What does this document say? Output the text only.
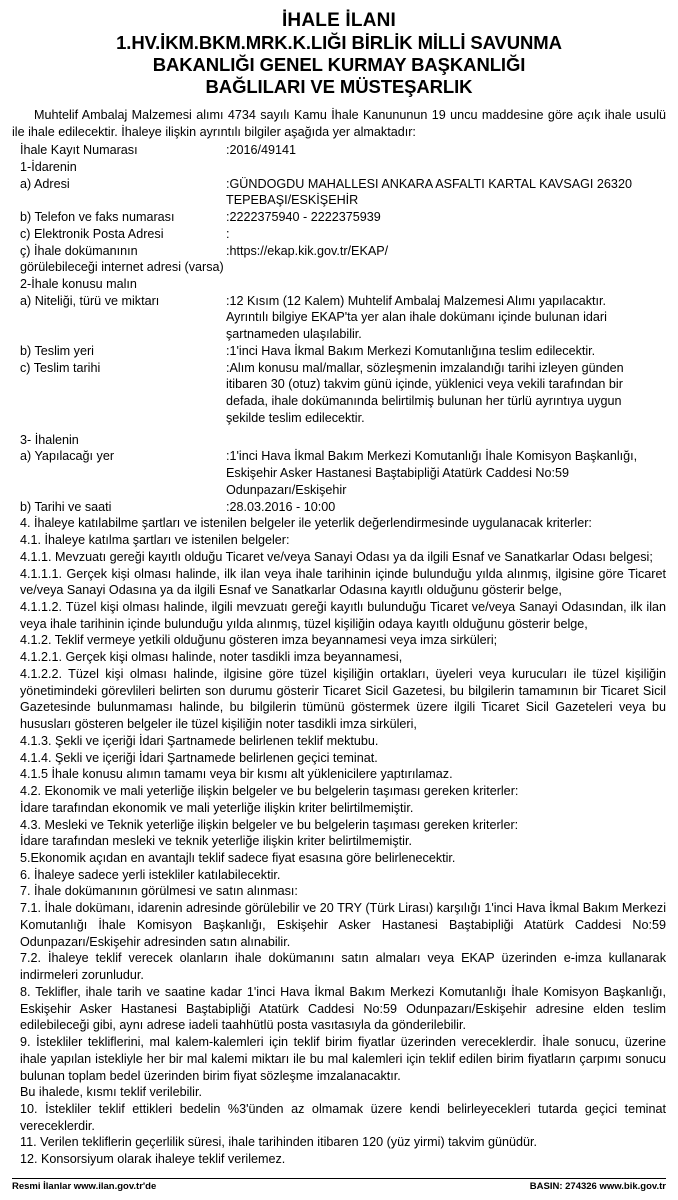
İHALE İLANI
1.HV.İKM.BKM.MRK.K.LIĞI BİRLİK MİLLİ SAVUNMA
BAKANLIĞI GENEL KURMAY BAŞKANLIĞI
BAĞLILARI VE MÜSTEŞARLIK

Muhtelif Ambalaj Malzemesi alımı 4734 sayılı Kamu İhale Kanununun 19 uncu maddesine göre açık ihale usulü ile ihale edilecektir. İhaleye ilişkin ayrıntılı bilgiler aşağıda yer almaktadır:

İhale Kayıt Numarası	:2016/49141
1-İdarenin
a) Adresi	:GÜNDOGDU MAHALLESI ANKARA ASFALTI KARTAL KAVSAGI 26320
TEPEBAŞI/ESKİŞEHİR
b) Telefon ve faks numarası	:2222375940 - 2222375939
c) Elektronik Posta Adresi	:
ç) İhale dokümanının	:https://ekap.kik.gov.tr/EKAP/
görülebileceği internet adresi (varsa)
2-İhale konusu malın
a) Niteliği, türü ve miktarı	:12 Kısım (12 Kalem) Muhtelif Ambalaj Malzemesi Alımı yapılacaktır.
Ayrıntılı bilgiye EKAP'ta yer alan ihale dokümanı içinde bulunan idari
şartnameden ulaşılabilir.
b) Teslim yeri	:1'inci Hava İkmal Bakım Merkezi Komutanlığına teslim edilecektir.
c) Teslim tarihi	:Alım konusu mal/mallar, sözleşmenin imzalandığı tarihi izleyen günden
itibaren 30 (otuz) takvim günü içinde, yüklenici veya vekili tarafından bir
defada, ihale dokümanında belirtilmiş bulunan her türlü ayrıntıya uygun
şekilde teslim edilecektir.
3- İhalenin
a) Yapılacağı yer	:1'inci Hava İkmal Bakım Merkezi Komutanlığı İhale Komisyon Başkanlığı,
Eskişehir Asker Hastanesi Baştabipliği Atatürk Caddesi No:59
Odunpazarı/Eskişehir
b) Tarihi ve saati	:28.03.2016 - 10:00

4. İhaleye katılabilme şartları ve istenilen belgeler ile yeterlik değerlendirmesinde uygulanacak kriterler:

4.1. İhaleye katılma şartları ve istenilen belgeler:

4.1.1. Mevzuatı gereği kayıtlı olduğu Ticaret ve/veya Sanayi Odası ya da ilgili Esnaf ve Sanatkarlar Odası belgesi;

4.1.1.1. Gerçek kişi olması halinde, ilk ilan veya ihale tarihinin içinde bulunduğu yılda alınmış, ilgisine göre Ticaret ve/veya Sanayi Odasına ya da ilgili Esnaf ve Sanatkarlar Odasına kayıtlı olduğunu gösterir belge,

4.1.1.2. Tüzel kişi olması halinde, ilgili mevzuatı gereği kayıtlı bulunduğu Ticaret ve/veya Sanayi Odasından, ilk ilan veya ihale tarihinin içinde bulunduğu yılda alınmış, tüzel kişiliğin odaya kayıtlı olduğunu gösterir belge,

4.1.2. Teklif vermeye yetkili olduğunu gösteren imza beyannamesi veya imza sirküleri;

4.1.2.1. Gerçek kişi olması halinde, noter tasdikli imza beyannamesi,

4.1.2.2. Tüzel kişi olması halinde, ilgisine göre tüzel kişiliğin ortakları, üyeleri veya kurucuları ile tüzel kişiliğin yönetimindeki görevlileri belirten son durumu gösterir Ticaret Sicil Gazetesi, bu bilgilerin tamamının bir Ticaret Sicil Gazetesinde bulunmaması halinde, bu bilgilerin tümünü göstermek üzere ilgili Ticaret Sicil Gazeteleri veya bu hususları gösteren belgeler ile tüzel kişiliğin noter tasdikli imza sirküleri,

4.1.3. Şekli ve içeriği İdari Şartnamede belirlenen teklif mektubu.

4.1.4. Şekli ve içeriği İdari Şartnamede belirlenen geçici teminat.

4.1.5 İhale konusu alımın tamamı veya bir kısmı alt yüklenicilere yaptırılamaz.

4.2. Ekonomik ve mali yeterliğe ilişkin belgeler ve bu belgelerin taşıması gereken kriterler:

İdare tarafından ekonomik ve mali yeterliğe ilişkin kriter belirtilmemiştir.

4.3. Mesleki ve Teknik yeterliğe ilişkin belgeler ve bu belgelerin taşıması gereken kriterler:

İdare tarafından mesleki ve teknik yeterliğe ilişkin kriter belirtilmemiştir.

5.Ekonomik açıdan en avantajlı teklif sadece fiyat esasına göre belirlenecektir.

6. İhaleye sadece yerli istekliler katılabilecektir.

7. İhale dokümanının görülmesi ve satın alınması:

7.1. İhale dokümanı, idarenin adresinde görülebilir ve 20 TRY (Türk Lirası) karşılığı 1'inci Hava İkmal Bakım Merkezi Komutanlığı İhale Komisyon Başkanlığı, Eskişehir Asker Hastanesi Baştabipliği Atatürk Caddesi No:59 Odunpazarı/Eskişehir adresinden satın alınabilir.

7.2. İhaleye teklif verecek olanların ihale dokümanını satın almaları veya EKAP üzerinden e-imza kullanarak indirmeleri zorunludur.

8. Teklifler, ihale tarih ve saatine kadar 1'inci Hava İkmal Bakım Merkezi Komutanlığı İhale Komisyon Başkanlığı, Eskişehir Asker Hastanesi Baştabipliği Atatürk Caddesi No:59 Odunpazarı/Eskişehir adresine elden teslim edilebileceği gibi, aynı adrese iadeli taahhütlü posta vasıtasıyla da gönderilebilir.

9. İstekliler tekliflerini, mal kalem-kalemleri için teklif birim fiyatlar üzerinden vereceklerdir. İhale sonucu, üzerine ihale yapılan istekliyle her bir mal kalemi miktarı ile bu mal kalemleri için teklif edilen birim fiyatların çarpımı sonucu bulunan toplam bedel üzerinden birim fiyat sözleşme imzalanacaktır.

Bu ihalede, kısmı teklif verilebilir.

10. İstekliler teklif ettikleri bedelin %3'ünden az olmamak üzere kendi belirleyecekleri tutarda geçici teminat vereceklerdir.

11. Verilen tekliflerin geçerlilik süresi, ihale tarihinden itibaren 120 (yüz yirmi) takvim günüdür.

12. Konsorsiyum olarak ihaleye teklif verilemez.

Resmi İlanlar www.ilan.gov.tr'de	BASIN: 274326 www.bik.gov.tr
